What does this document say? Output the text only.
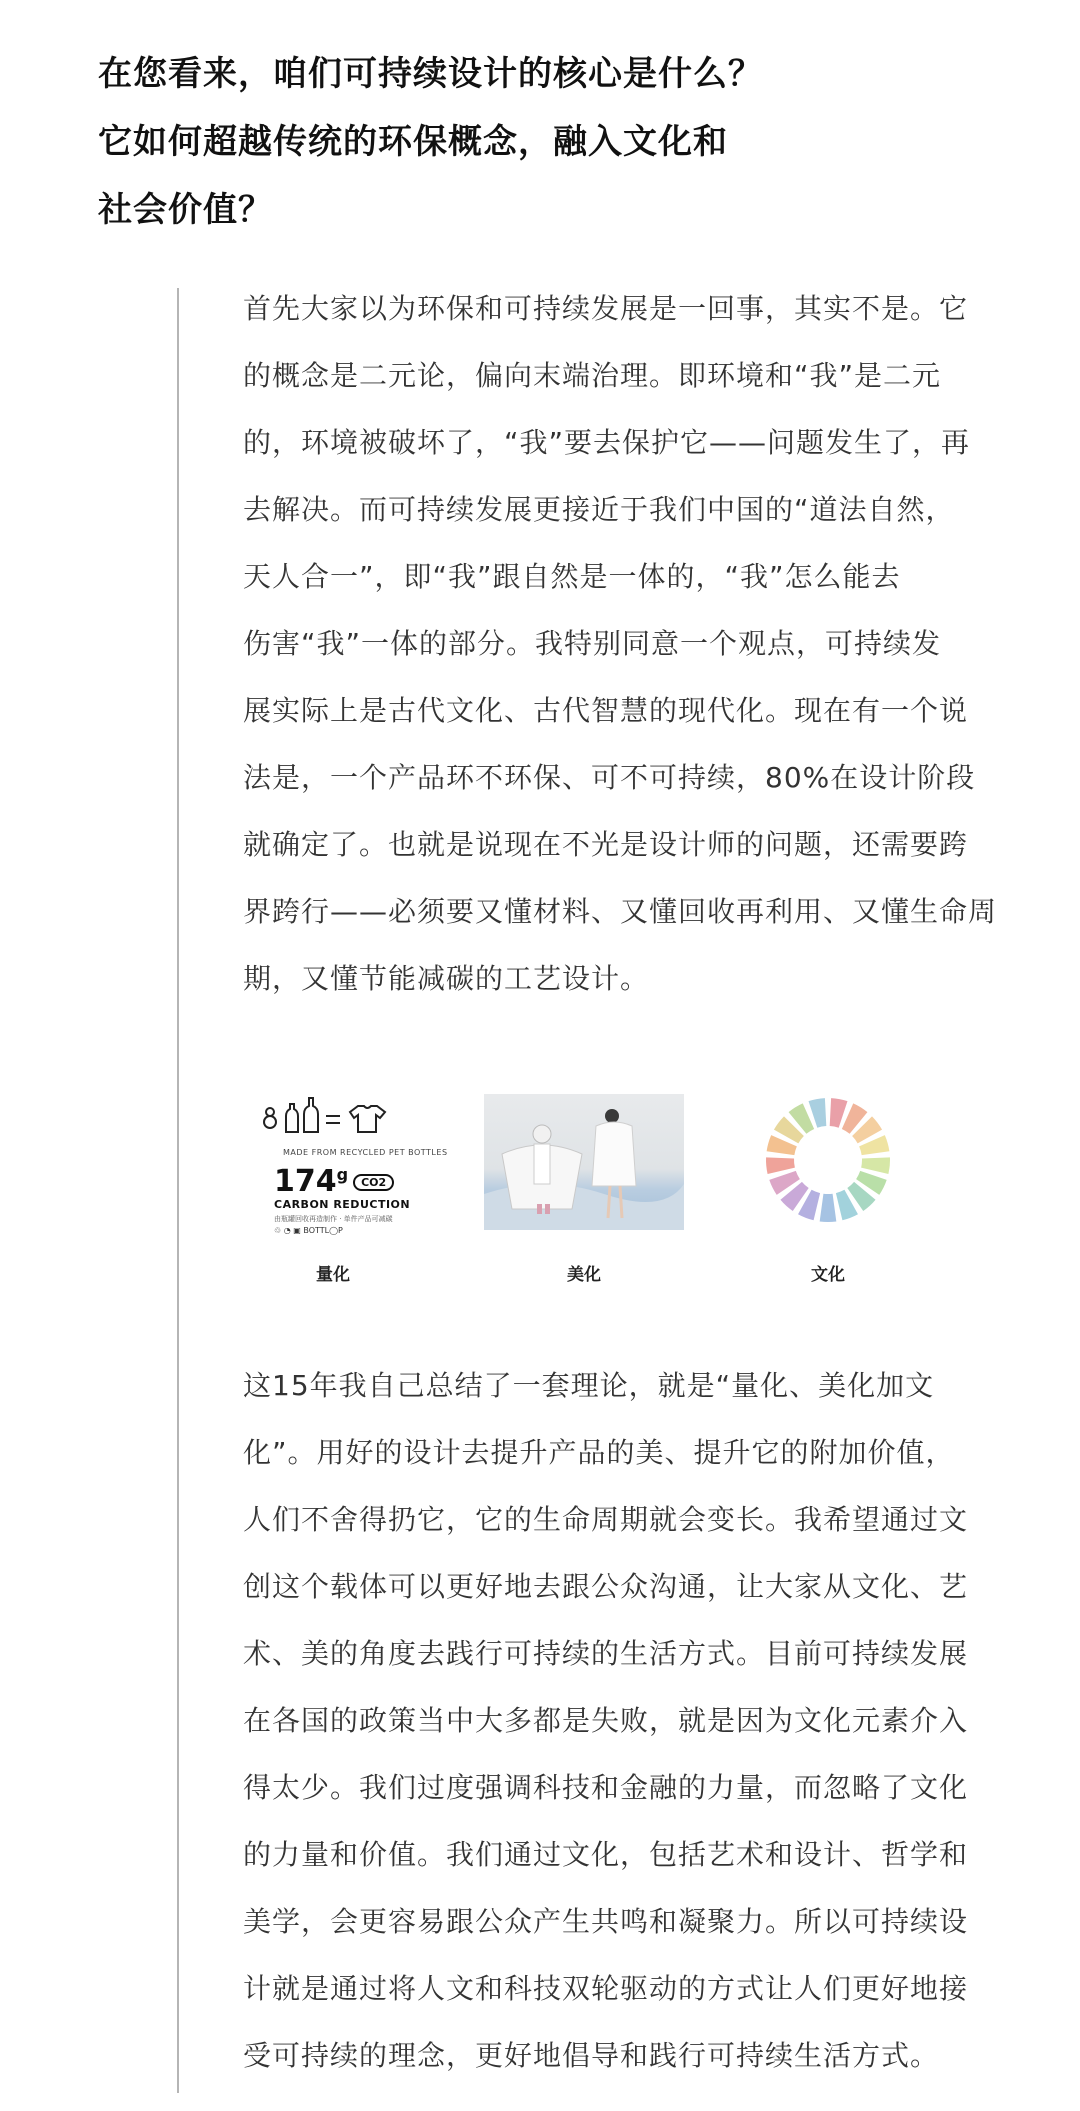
在您看来，咱们可持续设计的核心是什么？
它如何超越传统的环保概念，融入文化和
社会价值？
首先大家以为环保和可持续发展是一回事，其实不是。它
的概念是二元论，偏向末端治理。即环境和“我”是二元
的，环境被破坏了，“我”要去保护它——问题发生了，再
去解决。而可持续发展更接近于我们中国的“道法自然，
天人合一”，即“我”跟自然是一体的，“我”怎么能去
伤害“我”一体的部分。我特别同意一个观点，可持续发
展实际上是古代文化、古代智慧的现代化。现在有一个说
法是，一个产品环不环保、可不可持续，80%在设计阶段
就确定了。也就是说现在不光是设计师的问题，还需要跨
界跨行——必须要又懂材料、又懂回收再利用、又懂生命周
期，又懂节能减碳的工艺设计。
MADE FROM RECYCLED PET BOTTLES
174$^g$ CO2
CARBON REDUCTION
由瓶罐回收再造制作 · 单件产品可减碳
♲ ◔ ▣ BOTTL◯P
量化	美化	文化
这15年我自己总结了一套理论，就是“量化、美化加文
化”。用好的设计去提升产品的美、提升它的附加价值，
人们不舍得扔它，它的生命周期就会变长。我希望通过文
创这个载体可以更好地去跟公众沟通，让大家从文化、艺
术、美的角度去践行可持续的生活方式。目前可持续发展
在各国的政策当中大多都是失败，就是因为文化元素介入
得太少。我们过度强调科技和金融的力量，而忽略了文化
的力量和价值。我们通过文化，包括艺术和设计、哲学和
美学，会更容易跟公众产生共鸣和凝聚力。所以可持续设
计就是通过将人文和科技双轮驱动的方式让人们更好地接
受可持续的理念，更好地倡导和践行可持续生活方式。
